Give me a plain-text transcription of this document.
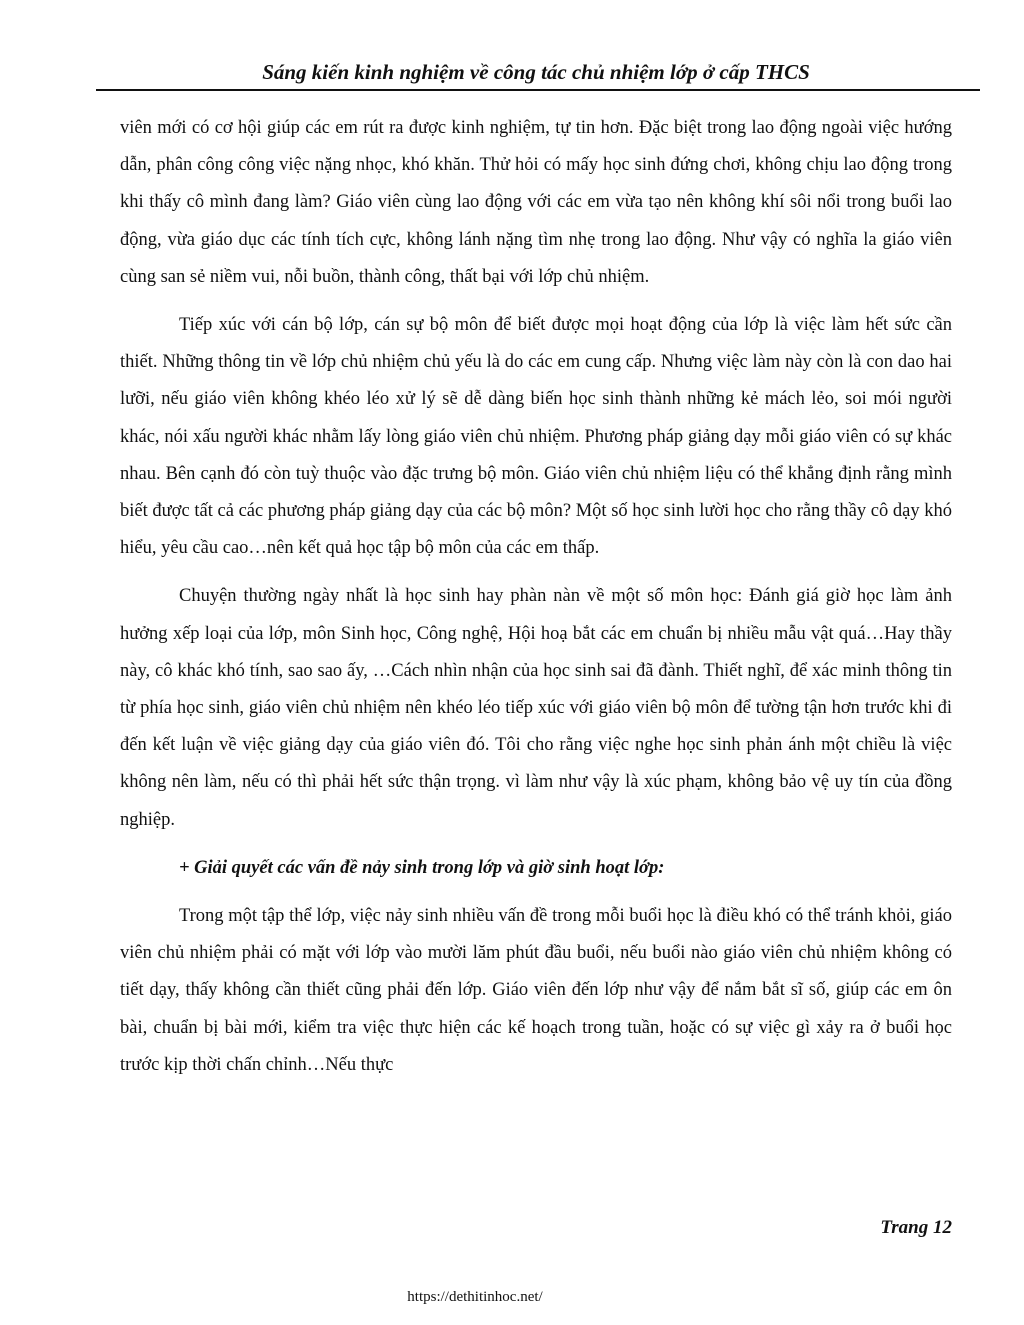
Sáng kiến kinh nghiệm về công tác chủ nhiệm lớp ở cấp THCS

viên mới có cơ hội giúp các em rút ra được kinh nghiệm, tự tin hơn. Đặc biệt trong lao động ngoài việc hướng dẫn, phân công công việc nặng nhọc, khó khăn. Thử hỏi có mấy học sinh đứng chơi, không chịu lao động trong khi thấy cô mình đang làm? Giáo viên cùng lao động với các em vừa tạo nên không khí sôi nổi trong buổi lao động, vừa giáo dục các tính tích cực, không lánh nặng tìm nhẹ trong lao động. Như vậy có nghĩa la giáo viên cùng san sẻ niềm vui, nỗi buồn, thành công, thất bại với lớp chủ nhiệm.

Tiếp xúc với cán bộ lớp, cán sự bộ môn để biết được mọi hoạt động của lớp là việc làm hết sức cần thiết. Những thông tin về lớp chủ nhiệm chủ yếu là do các em cung cấp. Nhưng việc làm này còn là con dao hai lưỡi, nếu giáo viên không khéo léo xử lý sẽ dễ dàng biến học sinh thành những kẻ mách lẻo, soi mói người khác, nói xấu người khác nhằm lấy lòng giáo viên chủ nhiệm. Phương pháp giảng dạy mỗi giáo viên có sự khác nhau. Bên cạnh đó còn tuỳ thuộc vào đặc trưng bộ môn. Giáo viên chủ nhiệm liệu có thể khẳng định rằng mình biết được tất cả các phương pháp giảng dạy của các bộ môn? Một số học sinh lười học cho rằng thầy cô dạy khó hiểu, yêu cầu cao…nên kết quả học tập bộ môn của các em thấp.

Chuyện thường ngày nhất là học sinh hay phàn nàn về một số môn học: Đánh giá giờ học làm ảnh hưởng xếp loại của lớp, môn Sinh học, Công nghệ, Hội hoạ bắt các em chuẩn bị nhiều mẫu vật quá…Hay thầy này, cô khác khó tính, sao sao ấy, …Cách nhìn nhận của học sinh sai đã đành. Thiết nghĩ, để xác minh thông tin từ phía học sinh, giáo viên chủ nhiệm nên khéo léo tiếp xúc với giáo viên bộ môn để tường tận hơn trước khi đi đến kết luận về việc giảng dạy của giáo viên đó. Tôi cho rằng việc nghe học sinh phản ánh một chiều là việc không nên làm, nếu có thì phải hết sức thận trọng. vì làm như vậy là xúc phạm, không bảo vệ uy tín của đồng nghiệp.

+ Giải quyết các vấn đề nảy sinh trong lớp và giờ sinh hoạt lớp:

Trong một tập thể lớp, việc nảy sinh nhiều vấn đề trong mỗi buổi học là điều khó có thể tránh khỏi, giáo viên chủ nhiệm phải có mặt với lớp vào mười lăm phút đầu buổi, nếu buổi nào giáo viên chủ nhiệm không có tiết dạy, thấy không cần thiết cũng phải đến lớp. Giáo viên đến lớp như vậy để nắm bắt sĩ số, giúp các em ôn bài, chuẩn bị bài mới, kiểm tra việc thực hiện các kế hoạch trong tuần, hoặc có sự việc gì xảy ra ở buổi học trước kịp thời chấn chỉnh…Nếu thực

Trang 12
https://dethitinhoc.net/
